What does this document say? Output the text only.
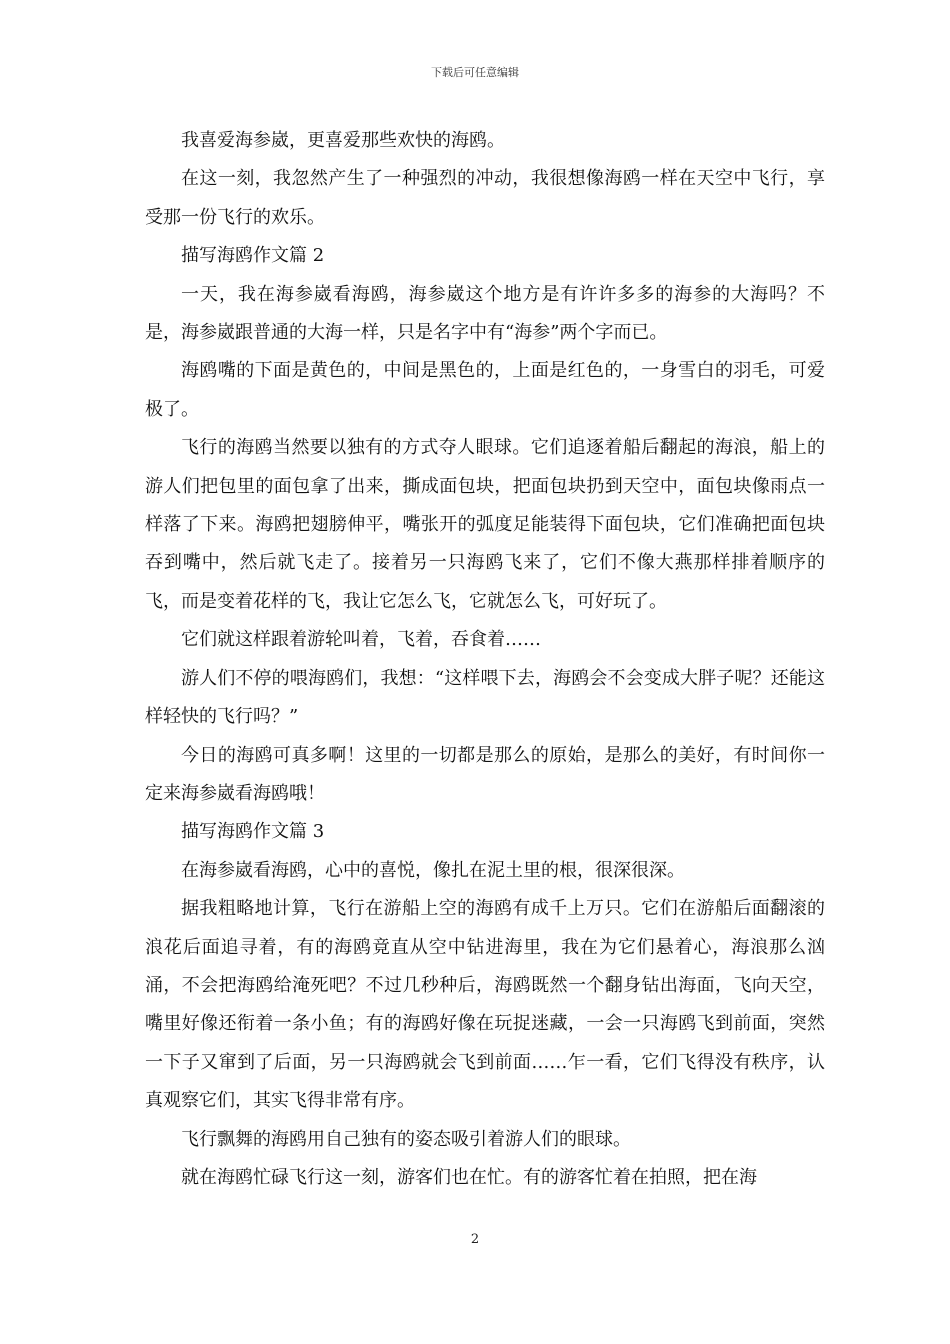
下载后可任意编辑

我喜爱海参崴，更喜爱那些欢快的海鸥。

在这一刻，我忽然产生了一种强烈的冲动，我很想像海鸥一样在天空中飞行，享受那一份飞行的欢乐。

描写海鸥作文篇 2

一天，我在海参崴看海鸥，海参崴这个地方是有许许多多的海参的大海吗？不是，海参崴跟普通的大海一样，只是名字中有“海参”两个字而已。

海鸥嘴的下面是黄色的，中间是黑色的，上面是红色的，一身雪白的羽毛，可爱极了。

飞行的海鸥当然要以独有的方式夺人眼球。它们追逐着船后翻起的海浪，船上的游人们把包里的面包拿了出来，撕成面包块，把面包块扔到天空中，面包块像雨点一样落了下来。海鸥把翅膀伸平，嘴张开的弧度足能装得下面包块，它们准确把面包块吞到嘴中，然后就飞走了。接着另一只海鸥飞来了，它们不像大燕那样排着顺序的飞，而是变着花样的飞，我让它怎么飞，它就怎么飞，可好玩了。

它们就这样跟着游轮叫着，飞着，吞食着……

游人们不停的喂海鸥们，我想：“这样喂下去，海鸥会不会变成大胖子呢？还能这样轻快的飞行吗？”

今日的海鸥可真多啊！这里的一切都是那么的原始，是那么的美好，有时间你一定来海参崴看海鸥哦！

描写海鸥作文篇 3

在海参崴看海鸥，心中的喜悦，像扎在泥土里的根，很深很深。

据我粗略地计算，飞行在游船上空的海鸥有成千上万只。它们在游船后面翻滚的浪花后面追寻着，有的海鸥竟直从空中钻进海里，我在为它们悬着心，海浪那么汹涌，不会把海鸥给淹死吧？不过几秒种后，海鸥既然一个翻身钻出海面，飞向天空，嘴里好像还衔着一条小鱼；有的海鸥好像在玩捉迷藏，一会一只海鸥飞到前面，突然一下子又窜到了后面，另一只海鸥就会飞到前面……乍一看，它们飞得没有秩序，认真观察它们，其实飞得非常有序。

飞行飘舞的海鸥用自己独有的姿态吸引着游人们的眼球。

就在海鸥忙碌飞行这一刻，游客们也在忙。有的游客忙着在拍照，把在海

2
